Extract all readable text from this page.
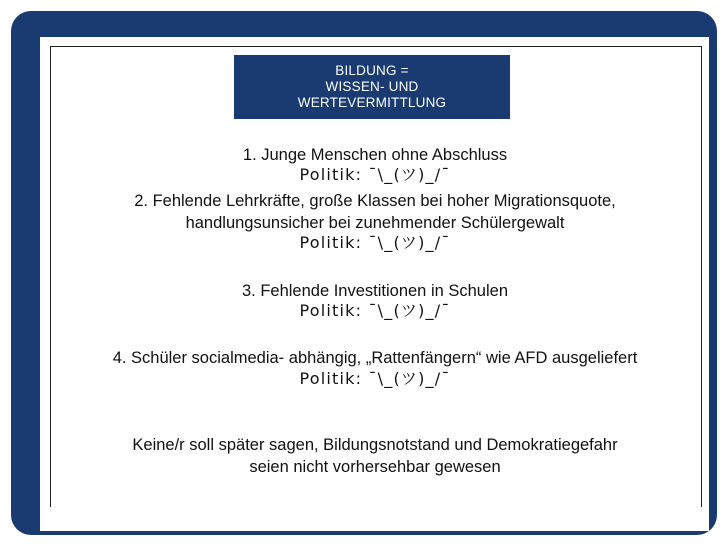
BILDUNG =
WISSEN- UND
WERTEVERMITTLUNG
1. Junge Menschen ohne Abschluss
Politik: ¯\_(ツ)_/¯
2. Fehlende Lehrkräfte, große Klassen bei hoher Migrationsquote,
handlungsunsicher bei zunehmender Schülergewalt
Politik: ¯\_(ツ)_/¯
3. Fehlende Investitionen in Schulen
Politik: ¯\_(ツ)_/¯
4. Schüler socialmedia- abhängig, „Rattenfängern“ wie AFD ausgeliefert
Politik: ¯\_(ツ)_/¯
Keine/r soll später sagen, Bildungsnotstand und Demokratiegefahr
seien nicht vorhersehbar gewesen
